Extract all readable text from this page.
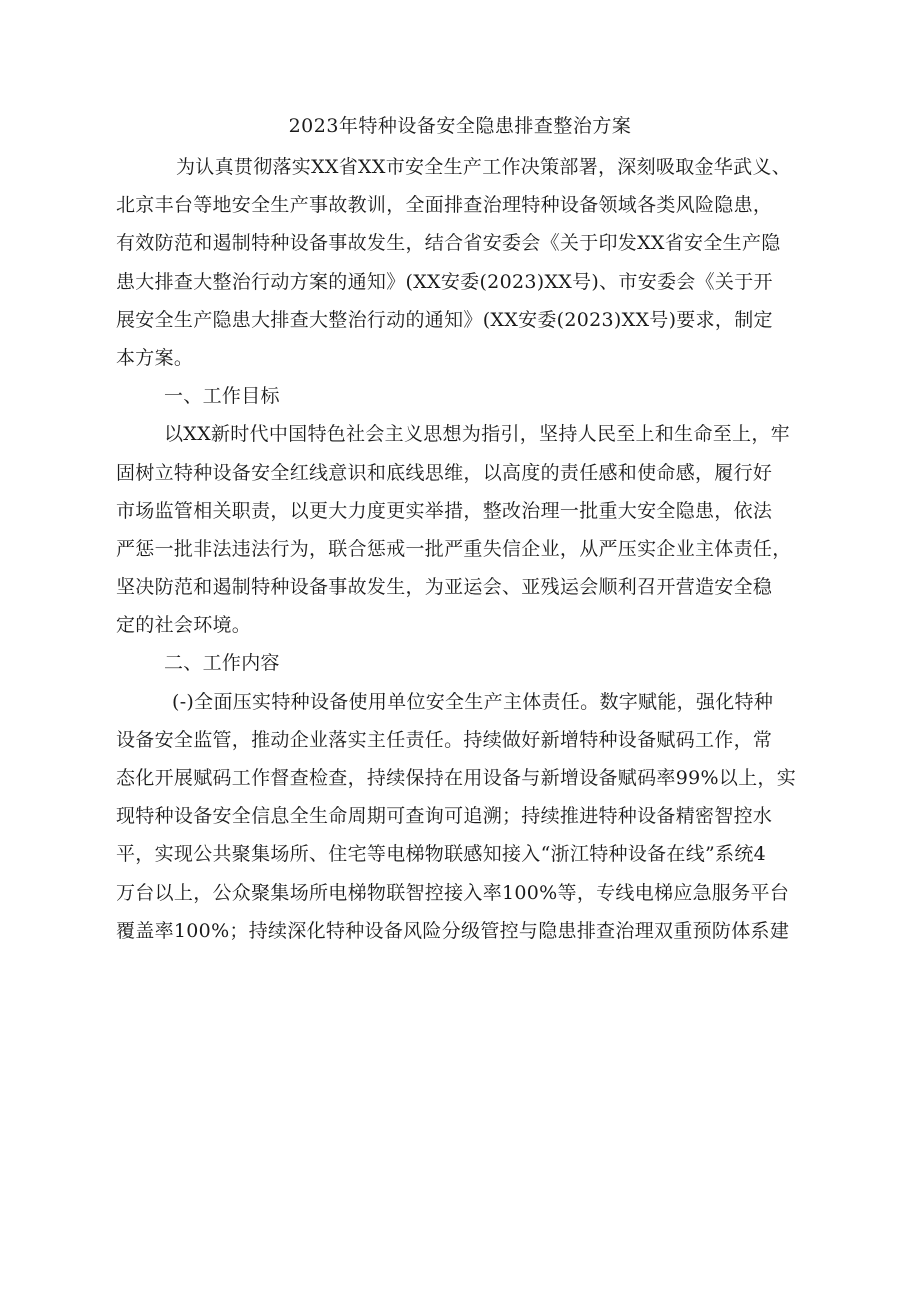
2023年特种设备安全隐患排查整治方案
为认真贯彻落实XX省XX市安全生产工作决策部署，深刻吸取金华武义、
北京丰台等地安全生产事故教训，全面排查治理特种设备领域各类风险隐患，
有效防范和遏制特种设备事故发生，结合省安委会《关于印发XX省安全生产隐
患大排查大整治行动方案的通知》(XX安委(2023)XX号)、市安委会《关于开
展安全生产隐患大排查大整治行动的通知》(XX安委(2023)XX号)要求，制定
本方案。
一、工作目标
以XX新时代中国特色社会主义思想为指引，坚持人民至上和生命至上，牢
固树立特种设备安全红线意识和底线思维，以高度的责任感和使命感，履行好
市场监管相关职责，以更大力度更实举措，整改治理一批重大安全隐患，依法
严惩一批非法违法行为，联合惩戒一批严重失信企业，从严压实企业主体责任，
坚决防范和遏制特种设备事故发生，为亚运会、亚残运会顺利召开营造安全稳
定的社会环境。
二、工作内容
(-)全面压实特种设备使用单位安全生产主体责任。数字赋能，强化特种
设备安全监管，推动企业落实主任责任。持续做好新增特种设备赋码工作，常
态化开展赋码工作督查检查，持续保持在用设备与新增设备赋码率99%以上，实
现特种设备安全信息全生命周期可查询可追溯；持续推进特种设备精密智控水
平，实现公共聚集场所、住宅等电梯物联感知接入“浙江特种设备在线”系统4
万台以上，公众聚集场所电梯物联智控接入率100%等，专线电梯应急服务平台
覆盖率100%；持续深化特种设备风险分级管控与隐患排查治理双重预防体系建
